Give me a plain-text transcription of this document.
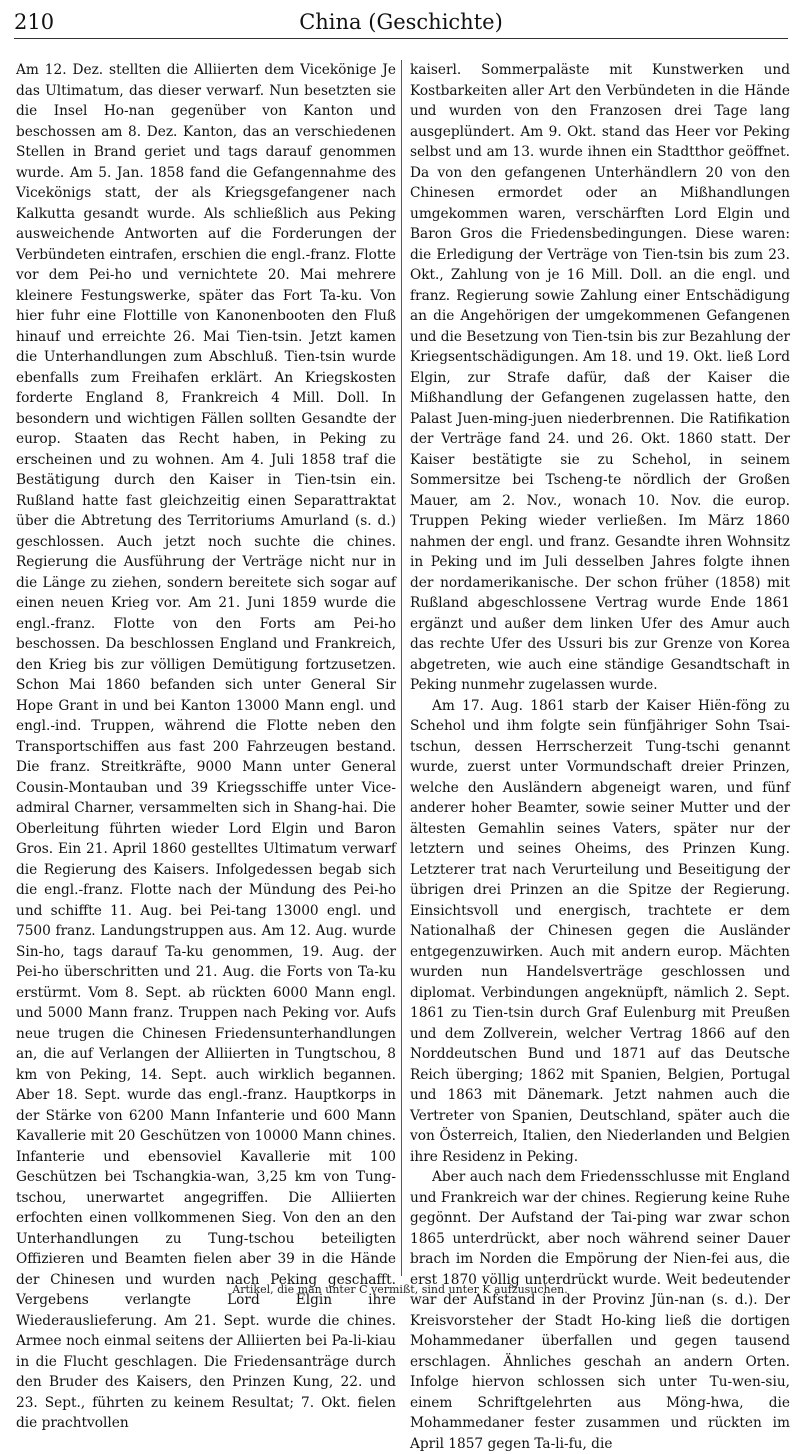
210	China (Geschichte)

Am 12. Dez. stellten die Alliierten dem Vicekönige Je das Ultimatum, das dieser verwarf. Nun besetzten sie die Insel Ho-nan gegenüber von Kanton und beschossen am 8. Dez. Kanton, das an verschiedenen Stellen in Brand geriet und tags darauf genommen wurde. Am 5. Jan. 1858 fand die Gefangennahme des Vicekönigs statt, der als Kriegsgefangener nach Kalkutta gesandt wurde. Als schließlich aus Peking ausweichende Antworten auf die Forderungen der Verbündeten eintrafen, erschien die engl.-franz. Flotte vor dem Pei-ho und vernichtete 20. Mai mehrere kleinere Festungswerke, später das Fort Ta-ku. Von hier fuhr eine Flottille von Kanonenbooten den Fluß hinauf und erreichte 26. Mai Tien-tsin. Jetzt kamen die Unterhandlungen zum Abschluß. Tien-tsin wurde ebenfalls zum Freihafen erklärt. An Kriegskosten forderte England 8, Frankreich 4 Mill. Doll. In besondern und wichtigen Fällen sollten Gesandte der europ. Staaten das Recht haben, in Peking zu erscheinen und zu wohnen. Am 4. Juli 1858 traf die Bestätigung durch den Kaiser in Tien-tsin ein. Rußland hatte fast gleichzeitig einen Separattraktat über die Abtretung des Territoriums Amurland (s. d.) geschlossen. Auch jetzt noch suchte die chines. Regierung die Ausführung der Verträge nicht nur in die Länge zu ziehen, sondern bereitete sich sogar auf einen neuen Krieg vor. Am 21. Juni 1859 wurde die engl.-franz. Flotte von den Forts am Pei-ho beschossen. Da beschlossen England und Frankreich, den Krieg bis zur völligen Demütigung fortzusetzen. Schon Mai 1860 befanden sich unter General Sir Hope Grant in und bei Kanton 13000 Mann engl. und engl.-ind. Truppen, während die Flotte neben den Transportschiffen aus fast 200 Fahrzeugen bestand. Die franz. Streitkräfte, 9000 Mann unter General Cousin-Montauban und 39 Kriegsschiffe unter Vice-admiral Charner, versammelten sich in Shang-hai. Die Oberleitung führten wieder Lord Elgin und Baron Gros. Ein 21. April 1860 gestelltes Ultimatum verwarf die Regierung des Kaisers. Infolgedessen begab sich die engl.-franz. Flotte nach der Mündung des Pei-ho und schiffte 11. Aug. bei Pei-tang 13000 engl. und 7500 franz. Landungstruppen aus. Am 12. Aug. wurde Sin-ho, tags darauf Ta-ku genommen, 19. Aug. der Pei-ho überschritten und 21. Aug. die Forts von Ta-ku erstürmt. Vom 8. Sept. ab rückten 6000 Mann engl. und 5000 Mann franz. Truppen nach Peking vor. Aufs neue trugen die Chinesen Friedensunterhandlungen an, die auf Verlangen der Alliierten in Tungtschou, 8 km von Peking, 14. Sept. auch wirklich begannen. Aber 18. Sept. wurde das engl.-franz. Hauptkorps in der Stärke von 6200 Mann Infanterie und 600 Mann Kavallerie mit 20 Geschützen von 10000 Mann chines. Infanterie und ebensoviel Kavallerie mit 100 Geschützen bei Tschangkia-wan, 3,25 km von Tung-tschou, unerwartet angegriffen. Die Alliierten erfochten einen vollkommenen Sieg. Von den an den Unterhandlungen zu Tung-tschou beteiligten Offizieren und Beamten fielen aber 39 in die Hände der Chinesen und wurden nach Peking geschafft. Vergebens verlangte Lord Elgin ihre Wiederauslieferung. Am 21. Sept. wurde die chines. Armee noch einmal seitens der Alliierten bei Pa-li-kiau in die Flucht geschlagen. Die Friedensanträge durch den Bruder des Kaisers, den Prinzen Kung, 22. und 23. Sept., führten zu keinem Resultat; 7. Okt. fielen die prachtvollen

kaiserl. Sommerpaläste mit Kunstwerken und Kostbarkeiten aller Art den Verbündeten in die Hände und wurden von den Franzosen drei Tage lang ausgeplündert. Am 9. Okt. stand das Heer vor Peking selbst und am 13. wurde ihnen ein Stadtthor geöffnet. Da von den gefangenen Unterhändlern 20 von den Chinesen ermordet oder an Mißhandlungen umgekommen waren, verschärften Lord Elgin und Baron Gros die Friedensbedingungen. Diese waren: die Erledigung der Verträge von Tien-tsin bis zum 23. Okt., Zahlung von je 16 Mill. Doll. an die engl. und franz. Regierung sowie Zahlung einer Entschädigung an die Angehörigen der umgekommenen Gefangenen und die Besetzung von Tien-tsin bis zur Bezahlung der Kriegsentschädigungen. Am 18. und 19. Okt. ließ Lord Elgin, zur Strafe dafür, daß der Kaiser die Mißhandlung der Gefangenen zugelassen hatte, den Palast Juen-ming-juen niederbrennen. Die Ratifikation der Verträge fand 24. und 26. Okt. 1860 statt. Der Kaiser bestätigte sie zu Schehol, in seinem Sommersitze bei Tscheng-te nördlich der Großen Mauer, am 2. Nov., wonach 10. Nov. die europ. Truppen Peking wieder verließen. Im März 1860 nahmen der engl. und franz. Gesandte ihren Wohnsitz in Peking und im Juli desselben Jahres folgte ihnen der nordamerikanische. Der schon früher (1858) mit Rußland abgeschlossene Vertrag wurde Ende 1861 ergänzt und außer dem linken Ufer des Amur auch das rechte Ufer des Ussuri bis zur Grenze von Korea abgetreten, wie auch eine ständige Gesandtschaft in Peking nunmehr zugelassen wurde.

Am 17. Aug. 1861 starb der Kaiser Hiën-föng zu Schehol und ihm folgte sein fünfjähriger Sohn Tsai-tschun, dessen Herrscherzeit Tung-tschi genannt wurde, zuerst unter Vormundschaft dreier Prinzen, welche den Ausländern abgeneigt waren, und fünf anderer hoher Beamter, sowie seiner Mutter und der ältesten Gemahlin seines Vaters, später nur der letztern und seines Oheims, des Prinzen Kung. Letzterer trat nach Verurteilung und Beseitigung der übrigen drei Prinzen an die Spitze der Regierung. Einsichtsvoll und energisch, trachtete er dem Nationalhaß der Chinesen gegen die Ausländer entgegenzuwirken. Auch mit andern europ. Mächten wurden nun Handelsverträge geschlossen und diplomat. Verbindungen angeknüpft, nämlich 2. Sept. 1861 zu Tien-tsin durch Graf Eulenburg mit Preußen und dem Zollverein, welcher Vertrag 1866 auf den Norddeutschen Bund und 1871 auf das Deutsche Reich überging; 1862 mit Spanien, Belgien, Portugal und 1863 mit Dänemark. Jetzt nahmen auch die Vertreter von Spanien, Deutschland, später auch die von Österreich, Italien, den Niederlanden und Belgien ihre Residenz in Peking.

Aber auch nach dem Friedensschlusse mit England und Frankreich war der chines. Regierung keine Ruhe gegönnt. Der Aufstand der Tai-ping war zwar schon 1865 unterdrückt, aber noch während seiner Dauer brach im Norden die Empörung der Nien-fei aus, die erst 1870 völlig unterdrückt wurde. Weit bedeutender war der Aufstand in der Provinz Jün-nan (s. d.). Der Kreisvorsteher der Stadt Ho-king ließ die dortigen Mohammedaner überfallen und gegen tausend erschlagen. Ähnliches geschah an andern Orten. Infolge hiervon schlossen sich unter Tu-wen-siu, einem Schriftgelehrten aus Möng-hwa, die Mohammedaner fester zusammen und rückten im April 1857 gegen Ta-li-fu, die

Artikel, die man unter C vermißt, sind unter K aufzusuchen.
